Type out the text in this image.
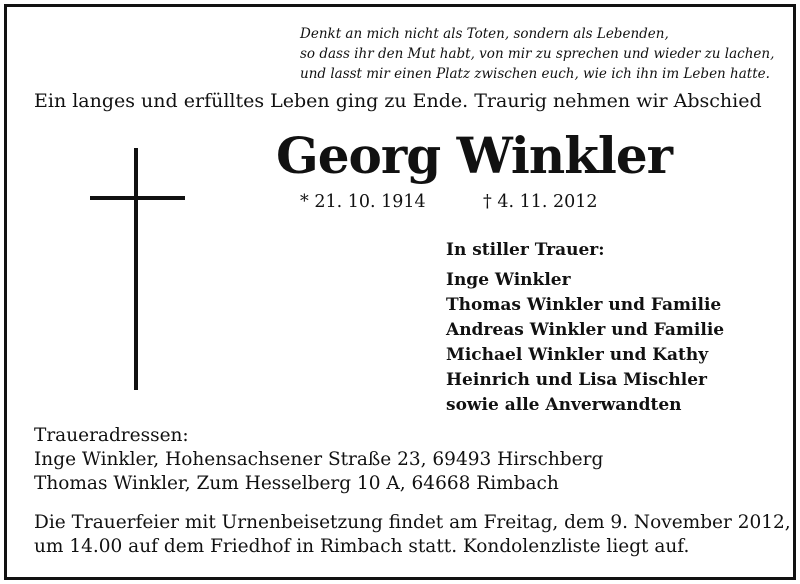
Denkt an mich nicht als Toten, sondern als Lebenden,
so dass ihr den Mut habt, von mir zu sprechen und wieder zu lachen,
und lasst mir einen Platz zwischen euch, wie ich ihn im Leben hatte.
Ein langes und erfülltes Leben ging zu Ende. Traurig nehmen wir Abschied
Georg Winkler
* 21. 10. 1914	† 4. 11. 2012
In stiller Trauer:
Inge Winkler
Thomas Winkler und Familie
Andreas Winkler und Familie
Michael Winkler und Kathy
Heinrich und Lisa Mischler
sowie alle Anverwandten
Traueradressen:
Inge Winkler, Hohensachsener Straße 23, 69493 Hirschberg
Thomas Winkler, Zum Hesselberg 10 A, 64668 Rimbach
Die Trauerfeier mit Urnenbeisetzung findet am Freitag, dem 9. November 2012,
um 14.00 auf dem Friedhof in Rimbach statt. Kondolenzliste liegt auf.
